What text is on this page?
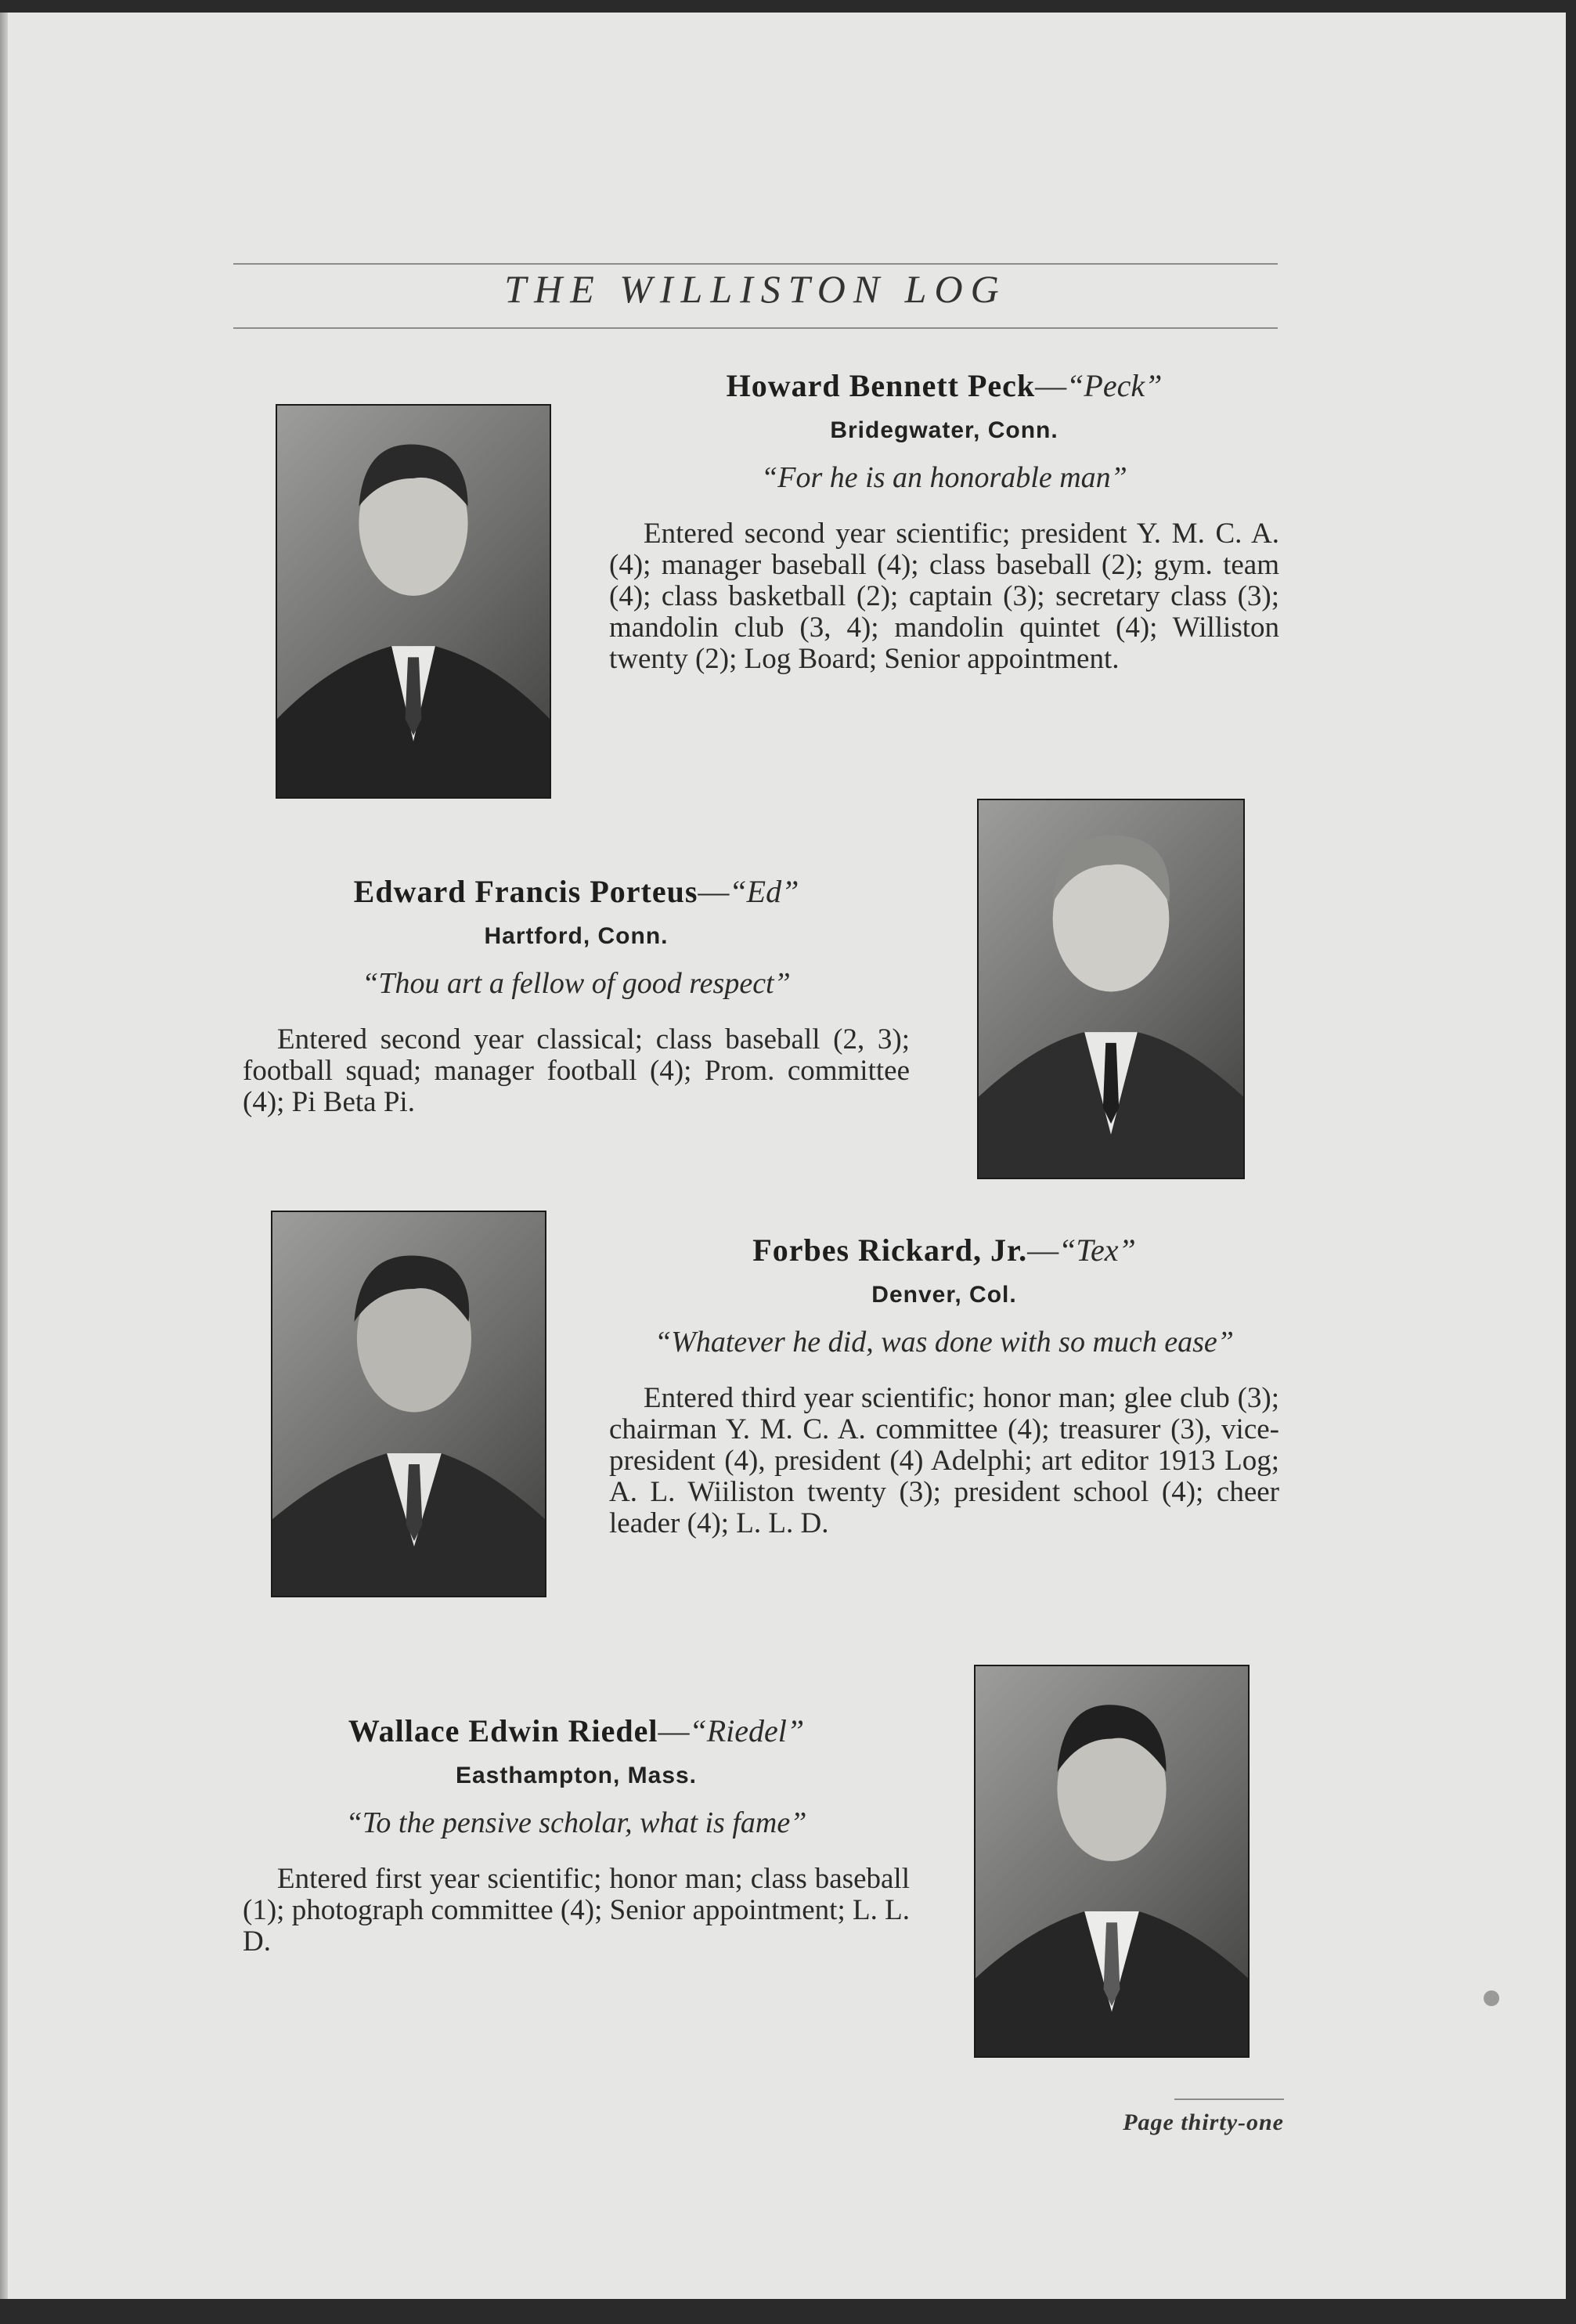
THE WILLISTON LOG
Howard Bennett Peck—“Peck”
Bridegwater, Conn.
“For he is an honorable man”
Entered second year scientific; president Y. M. C. A. (4); manager baseball (4); class baseball (2); gym. team (4); class basketball (2); captain (3); secretary class (3); mandolin club (3, 4); mandolin quintet (4); Williston twenty (2); Log Board; Senior appointment.
Edward Francis Porteus—“Ed”
Hartford, Conn.
“Thou art a fellow of good respect”
Entered second year classical; class baseball (2, 3); football squad; manager football (4); Prom. committee (4); Pi Beta Pi.
Forbes Rickard, Jr.—“Tex”
Denver, Col.
“Whatever he did, was done with so much ease”
Entered third year scientific; honor man; glee club (3); chairman Y. M. C. A. committee (4); treasurer (3), vice-president (4), president (4) Adelphi; art editor 1913 Log; A. L. Wiiliston twenty (3); president school (4); cheer leader (4); L. L. D.
Wallace Edwin Riedel—“Riedel”
Easthampton, Mass.
“To the pensive scholar, what is fame”
Entered first year scientific; honor man; class baseball (1); photograph committee (4); Senior appointment; L. L. D.
Page thirty-one
